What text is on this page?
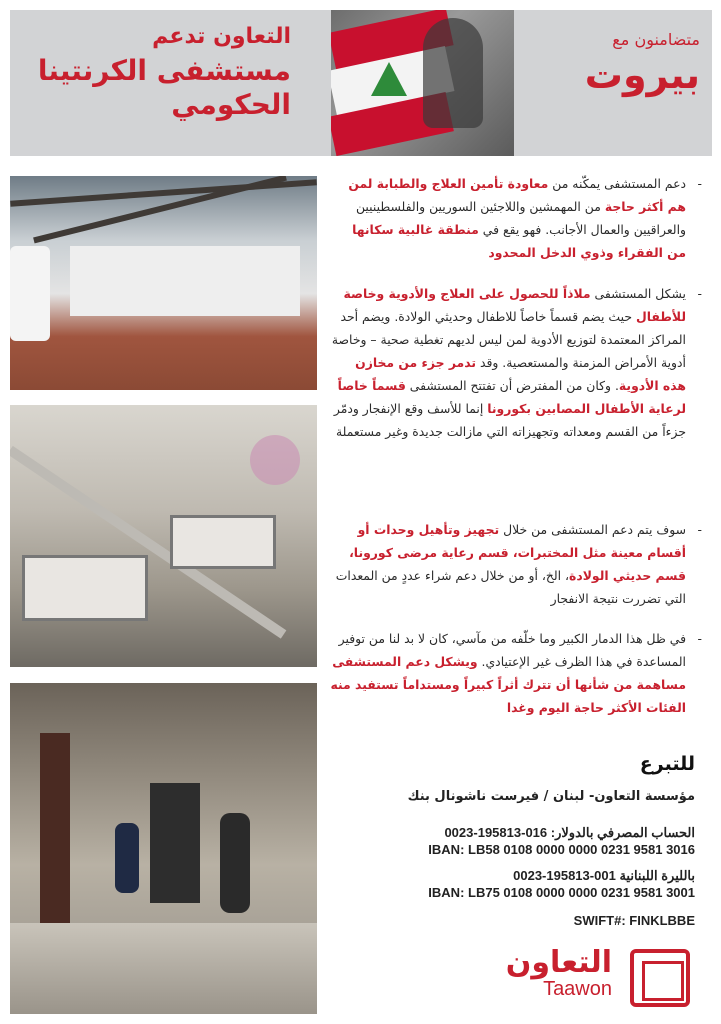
التعاون تدعم
مستشفى الكرنتينا
الحكومي
متضامنون مع
بيروت

- دعم المستشفى يمكّنه من معاودة تأمين العلاج والطبابة لمن هم أكثر حاجة من المهمشين واللاجئين السوريين والفلسطينيين والعراقيين والعمال الأجانب. فهو يقع في منطقة غالبية سكانها من الفقراء وذوي الدخل المحدود

- يشكل المستشفى ملاذاً للحصول على العلاج والأدوية وخاصة للأطفال حيث يضم قسماً خاصاً للاطفال وحديثي الولادة. ويضم أحد المراكز المعتمدة لتوزيع الأدوية لمن ليس لديهم تغطية صحية – وخاصة أدوية الأمراض المزمنة والمستعصية. وقد تدمر جزء من مخازن هذه الأدوية. وكان من المفترض أن تفتتح المستشفى قسماً خاصاً لرعاية الأطفال المصابين بكورونا إنما للأسف وقع الإنفجار ودمّر جزءاً من القسم ومعداته وتجهيزاته التي مازالت جديدة وغير مستعملة

- سوف يتم دعم المستشفى من خلال تجهيز وتأهيل وحدات أو أقسام معينة مثل المختبرات، قسم رعاية مرضى كورونا، قسم حديثي الولادة، الخ، أو من خلال دعم شراء عددٍ من المعدات التي تضررت نتيجة الانفجار

- في ظل هذا الدمار الكبير وما خلّفه من مآسي، كان لا بد لنا من توفير المساعدة في هذا الظرف غير الإعتيادي. ويشكل دعم المستشفى مساهمة من شأنها أن تترك أثراً كبيراً ومستداماً تستفيد منه الفئات الأكثر حاجة اليوم وغدا

للتبرع
مؤسسة التعاون- لبنان / فيرست ناشونال بنك
الحساب المصرفي بالدولار: 016-195813-0023
IBAN: LB58 0108 0000 0000 0231 9581 3016
بالليرة اللبنانية 001-195813-0023
IBAN: LB75 0108 0000 0000 0231 9581 3001
SWIFT#: FINKLBBE
التعاون
Taawon
